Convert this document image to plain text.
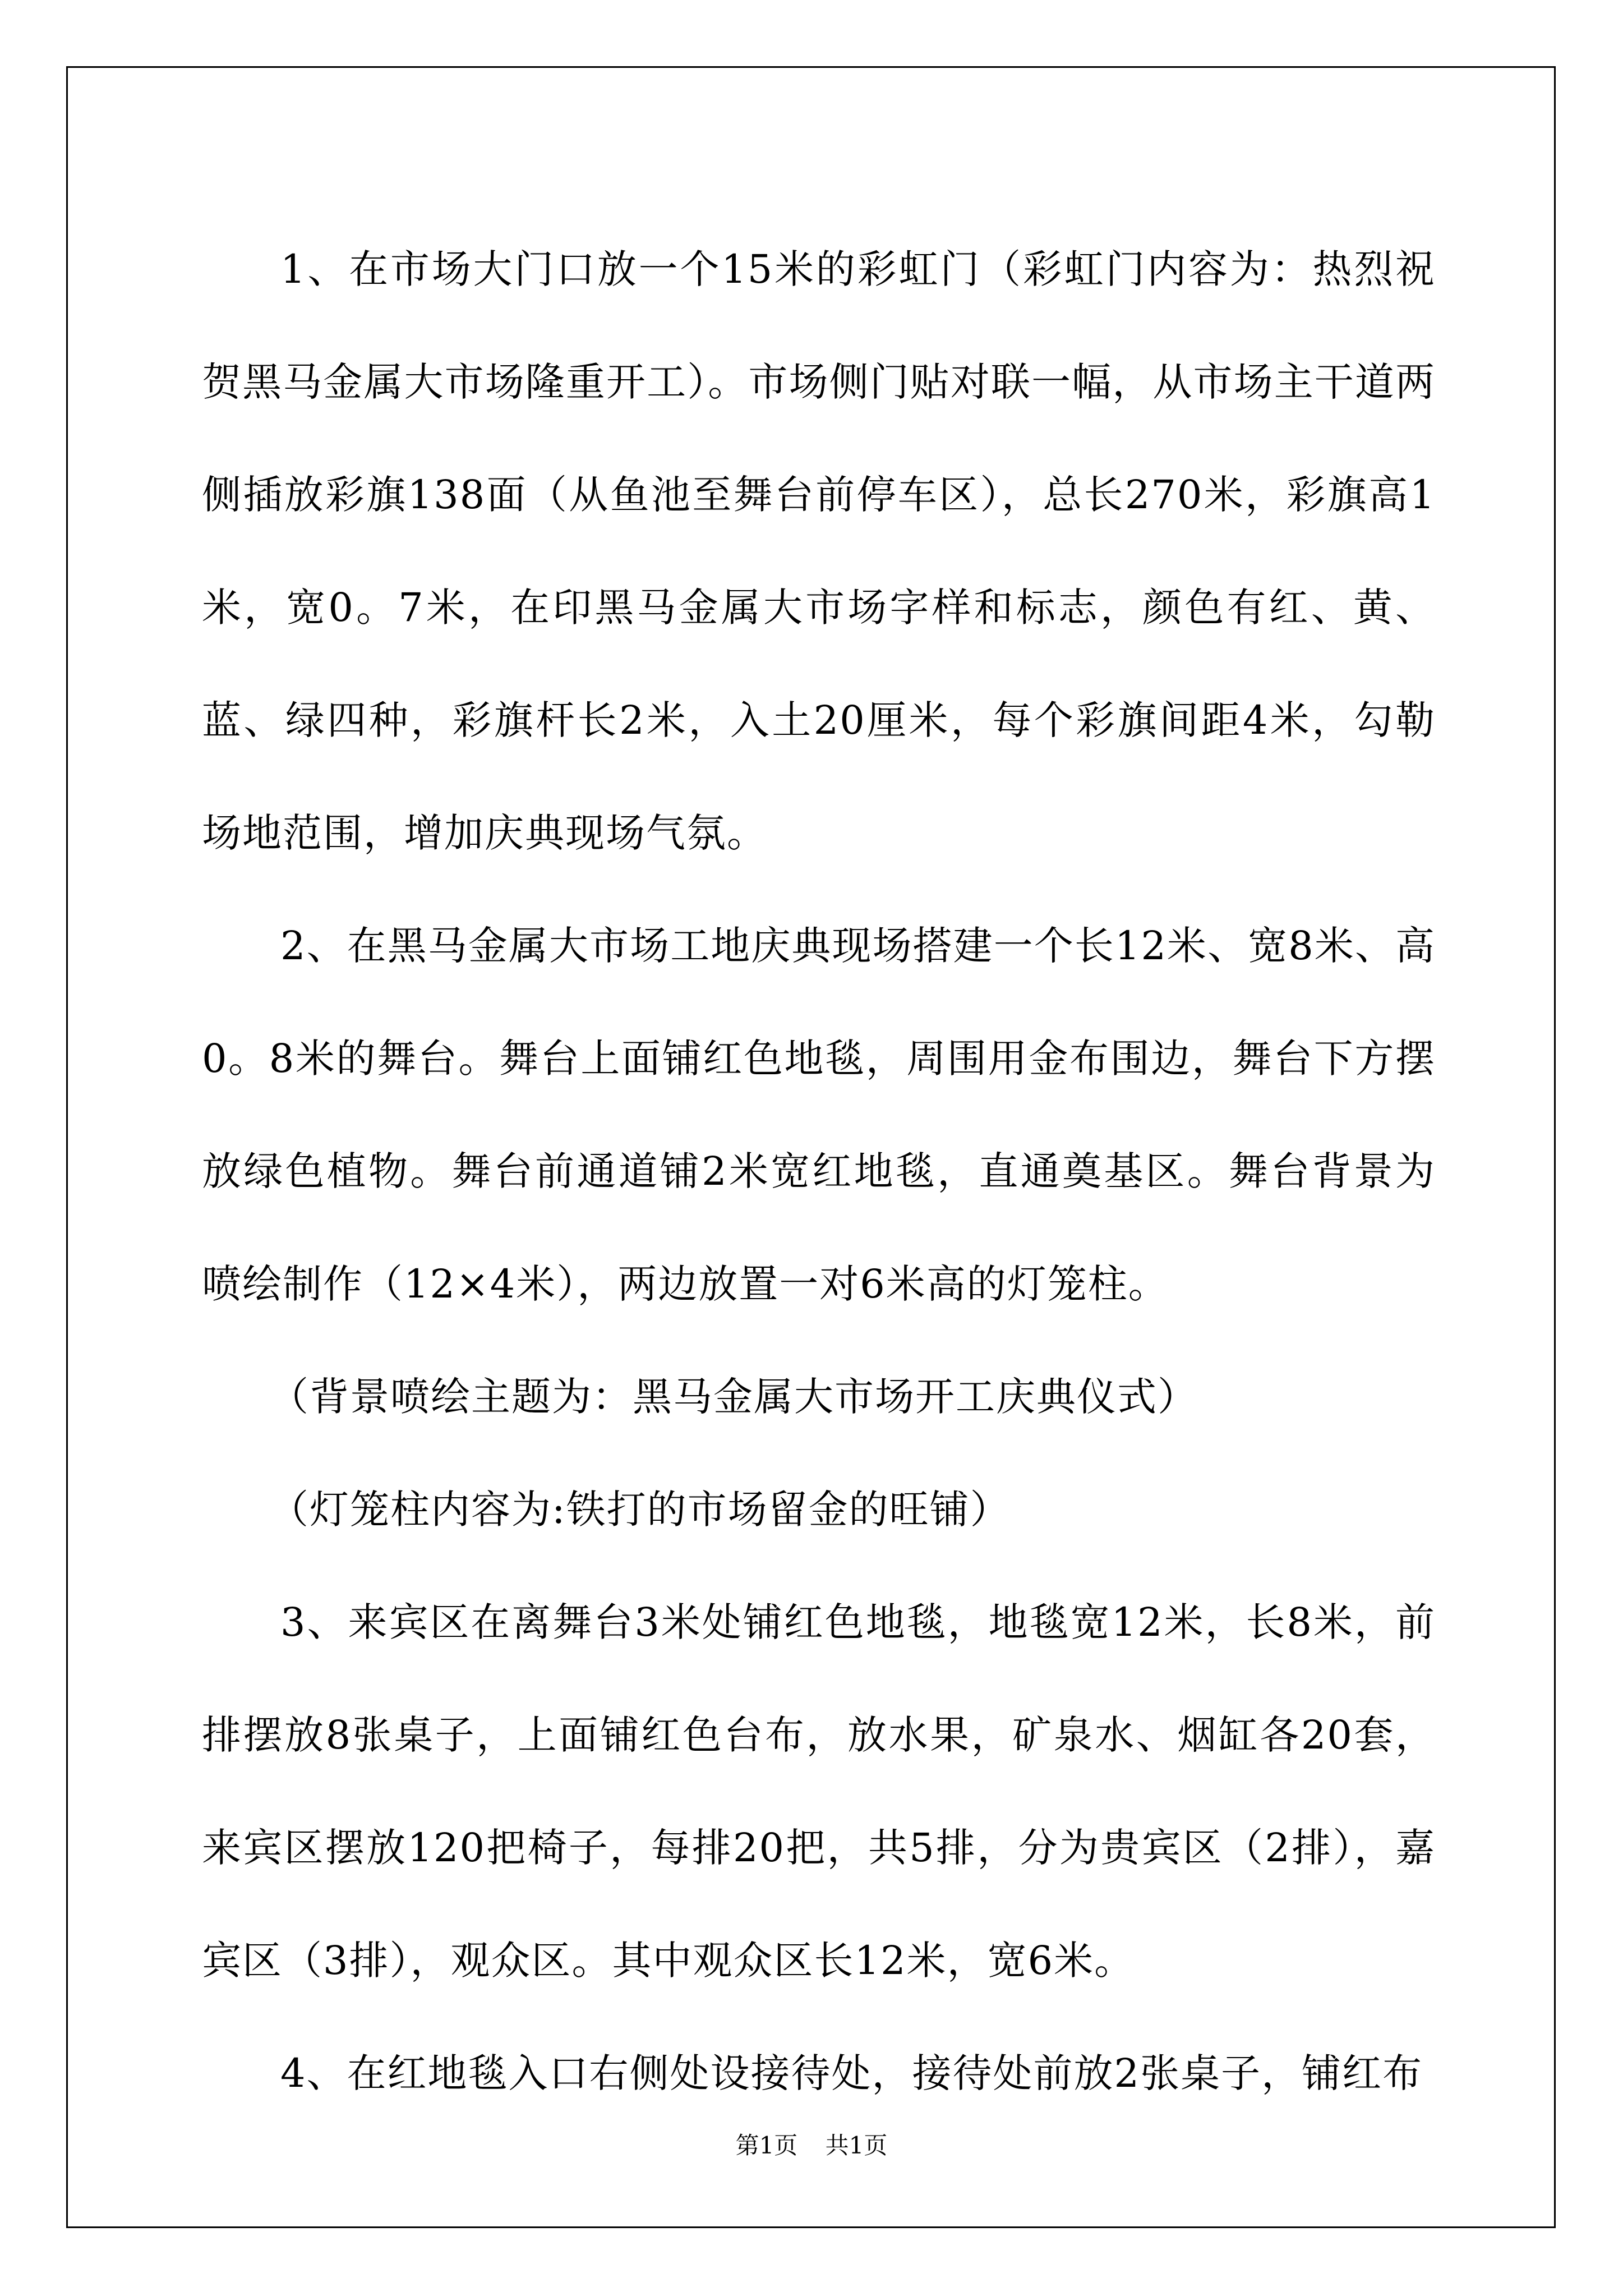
1、在市场大门口放一个15米的彩虹门（彩虹门内容为：热烈祝贺黑马金属大市场隆重开工）。市场侧门贴对联一幅，从市场主干道两侧插放彩旗138面（从鱼池至舞台前停车区），总长270米，彩旗高1米，宽0。7米，在印黑马金属大市场字样和标志，颜色有红、黄、蓝、绿四种，彩旗杆长2米，入土20厘米，每个彩旗间距4米，勾勒场地范围，增加庆典现场气氛。

2、在黑马金属大市场工地庆典现场搭建一个长12米、宽8米、高0。8米的舞台。舞台上面铺红色地毯，周围用金布围边，舞台下方摆放绿色植物。舞台前通道铺2米宽红地毯，直通奠基区。舞台背景为喷绘制作（12×4米），两边放置一对6米高的灯笼柱。

（背景喷绘主题为：黑马金属大市场开工庆典仪式）

（灯笼柱内容为:铁打的市场留金的旺铺）

3、来宾区在离舞台3米处铺红色地毯，地毯宽12米，长8米，前排摆放8张桌子，上面铺红色台布，放水果，矿泉水、烟缸各20套，来宾区摆放120把椅子，每排20把，共5排，分为贵宾区（2排），嘉宾区（3排），观众区。其中观众区长12米，宽6米。

4、在红地毯入口右侧处设接待处，接待处前放2张桌子，铺红布

第1页 共1页
